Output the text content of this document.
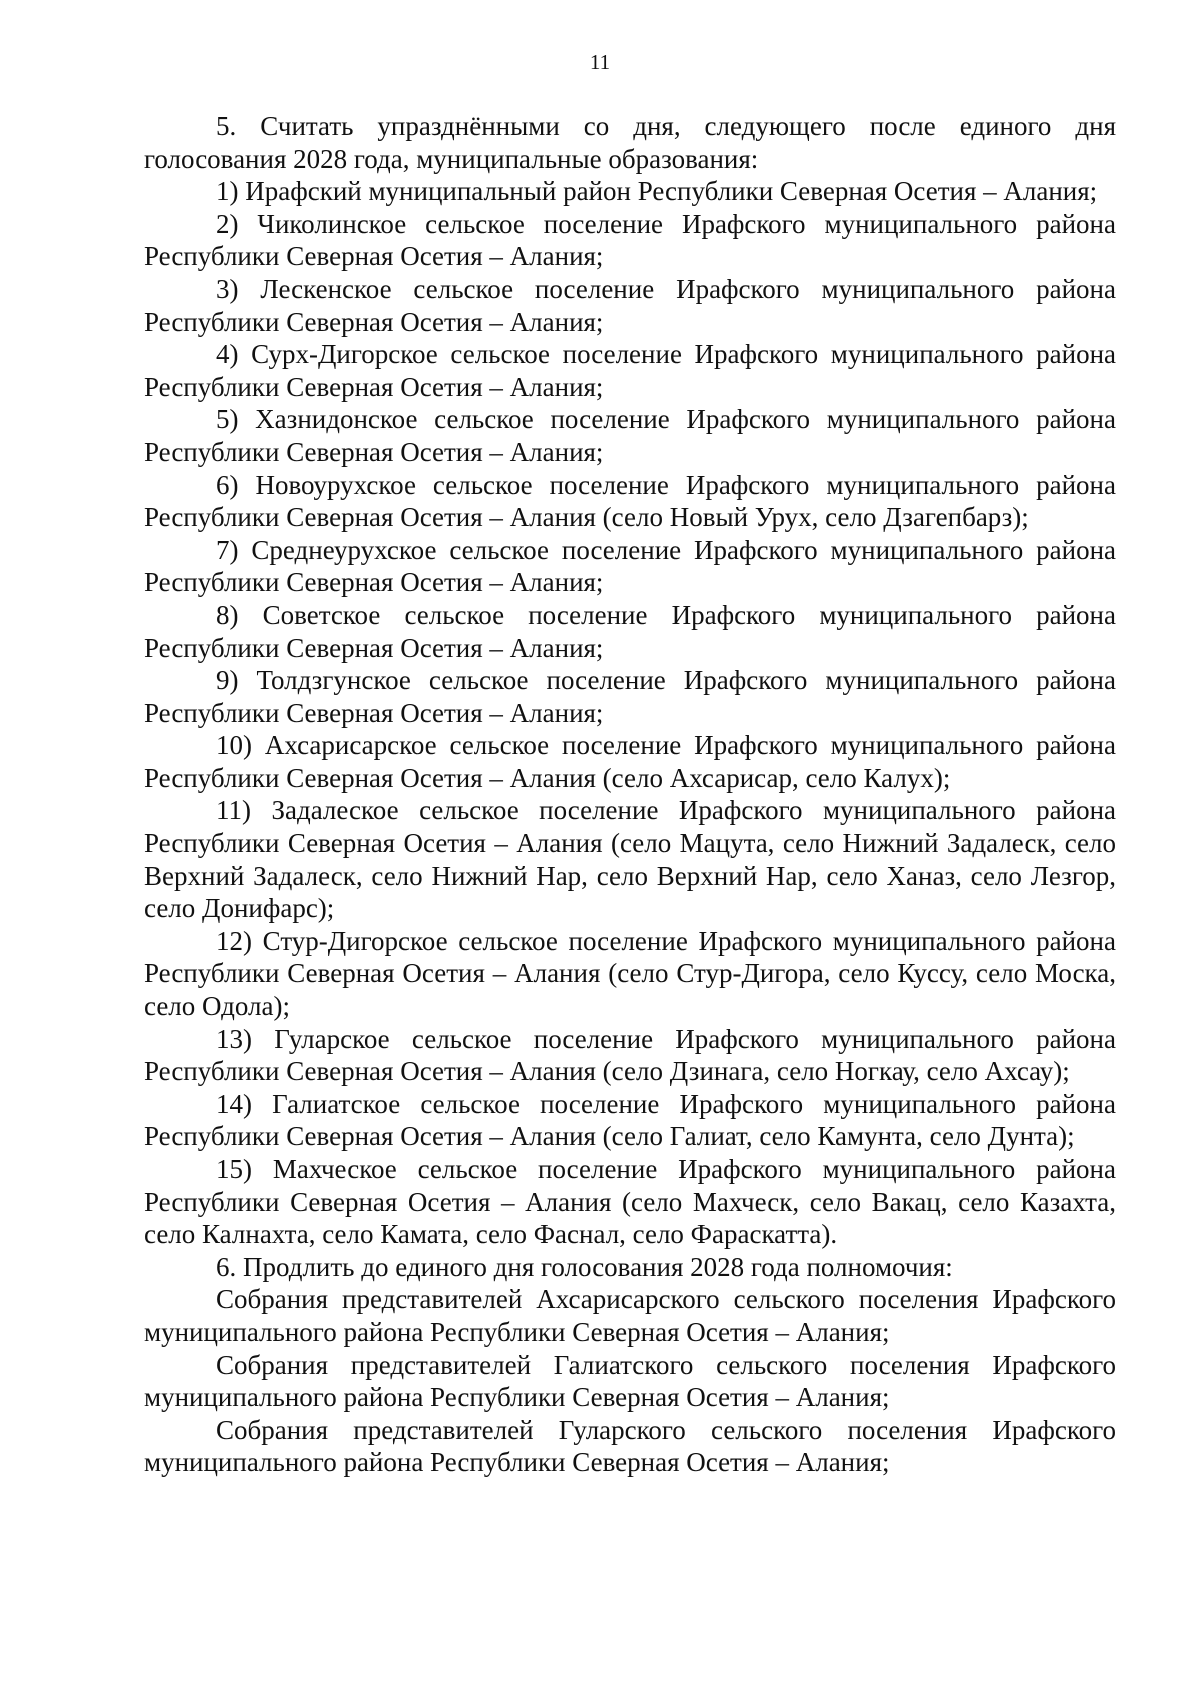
11

5. Считать упразднёнными со дня, следующего после единого дня голосования 2028 года, муниципальные образования:

1) Ирафский муниципальный район Республики Северная Осетия – Алания;

2) Чиколинское сельское поселение Ирафского муниципального района Республики Северная Осетия – Алания;

3) Лескенское сельское поселение Ирафского муниципального района Республики Северная Осетия – Алания;

4) Сурх-Дигорское сельское поселение Ирафского муниципального района Республики Северная Осетия – Алания;

5) Хазнидонское сельское поселение Ирафского муниципального района Республики Северная Осетия – Алания;

6) Новоурухское сельское поселение Ирафского муниципального района Республики Северная Осетия – Алания (село Новый Урух, село Дзагепбарз);

7) Среднеурухское сельское поселение Ирафского муниципального района Республики Северная Осетия – Алания;

8) Советское сельское поселение Ирафского муниципального района Республики Северная Осетия – Алания;

9) Толдзгунское сельское поселение Ирафского муниципального района Республики Северная Осетия – Алания;

10) Ахсарисарское сельское поселение Ирафского муниципального района Республики Северная Осетия – Алания (село Ахсарисар, село Калух);

11) Задалеское сельское поселение Ирафского муниципального района Республики Северная Осетия – Алания (село Мацута, село Нижний Задалеск, село Верхний Задалеск, село Нижний Нар, село Верхний Нар, село Ханаз, село Лезгор, село Донифарс);

12) Стур-Дигорское сельское поселение Ирафского муниципального района Республики Северная Осетия – Алания (село Стур-Дигора, село Куссу, село Моска, село Одола);

13) Гуларское сельское поселение Ирафского муниципального района Республики Северная Осетия – Алания (село Дзинага, село Ногкау, село Ахсау);

14) Галиатское сельское поселение Ирафского муниципального района Республики Северная Осетия – Алания (село Галиат, село Камунта, село Дунта);

15) Махческое сельское поселение Ирафского муниципального района Республики Северная Осетия – Алания (село Махческ, село Вакац, село Казахта, село Калнахта, село Камата, село Фаснал, село Фараскатта).

6. Продлить до единого дня голосования 2028 года полномочия:

Собрания представителей Ахсарисарского сельского поселения Ирафского муниципального района Республики Северная Осетия – Алания;

Собрания представителей Галиатского сельского поселения Ирафского муниципального района Республики Северная Осетия – Алания;

Собрания представителей Гуларского сельского поселения Ирафского муниципального района Республики Северная Осетия – Алания;
